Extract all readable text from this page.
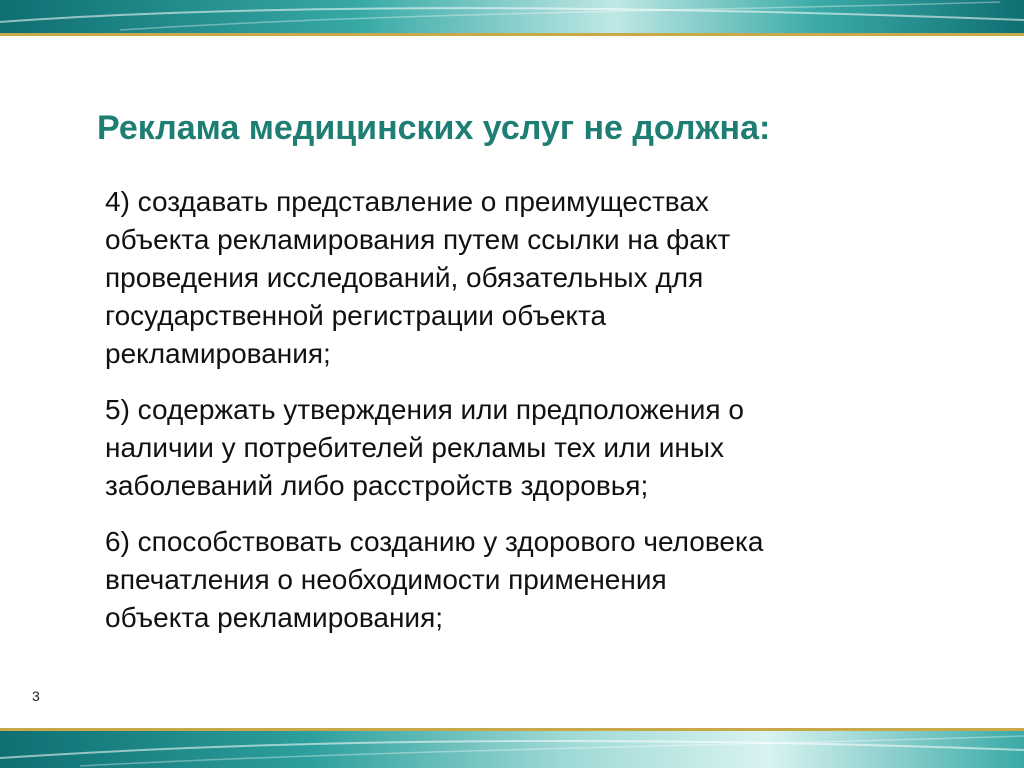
Реклама медицинских услуг не должна:
4) создавать представление о преимуществах
объекта рекламирования путем ссылки на факт
проведения исследований, обязательных для
государственной регистрации объекта
рекламирования;
5) содержать утверждения или предположения о
наличии у потребителей рекламы тех или иных
заболеваний либо расстройств здоровья;
6) способствовать созданию у здорового человека
впечатления о необходимости применения
объекта рекламирования;
3
